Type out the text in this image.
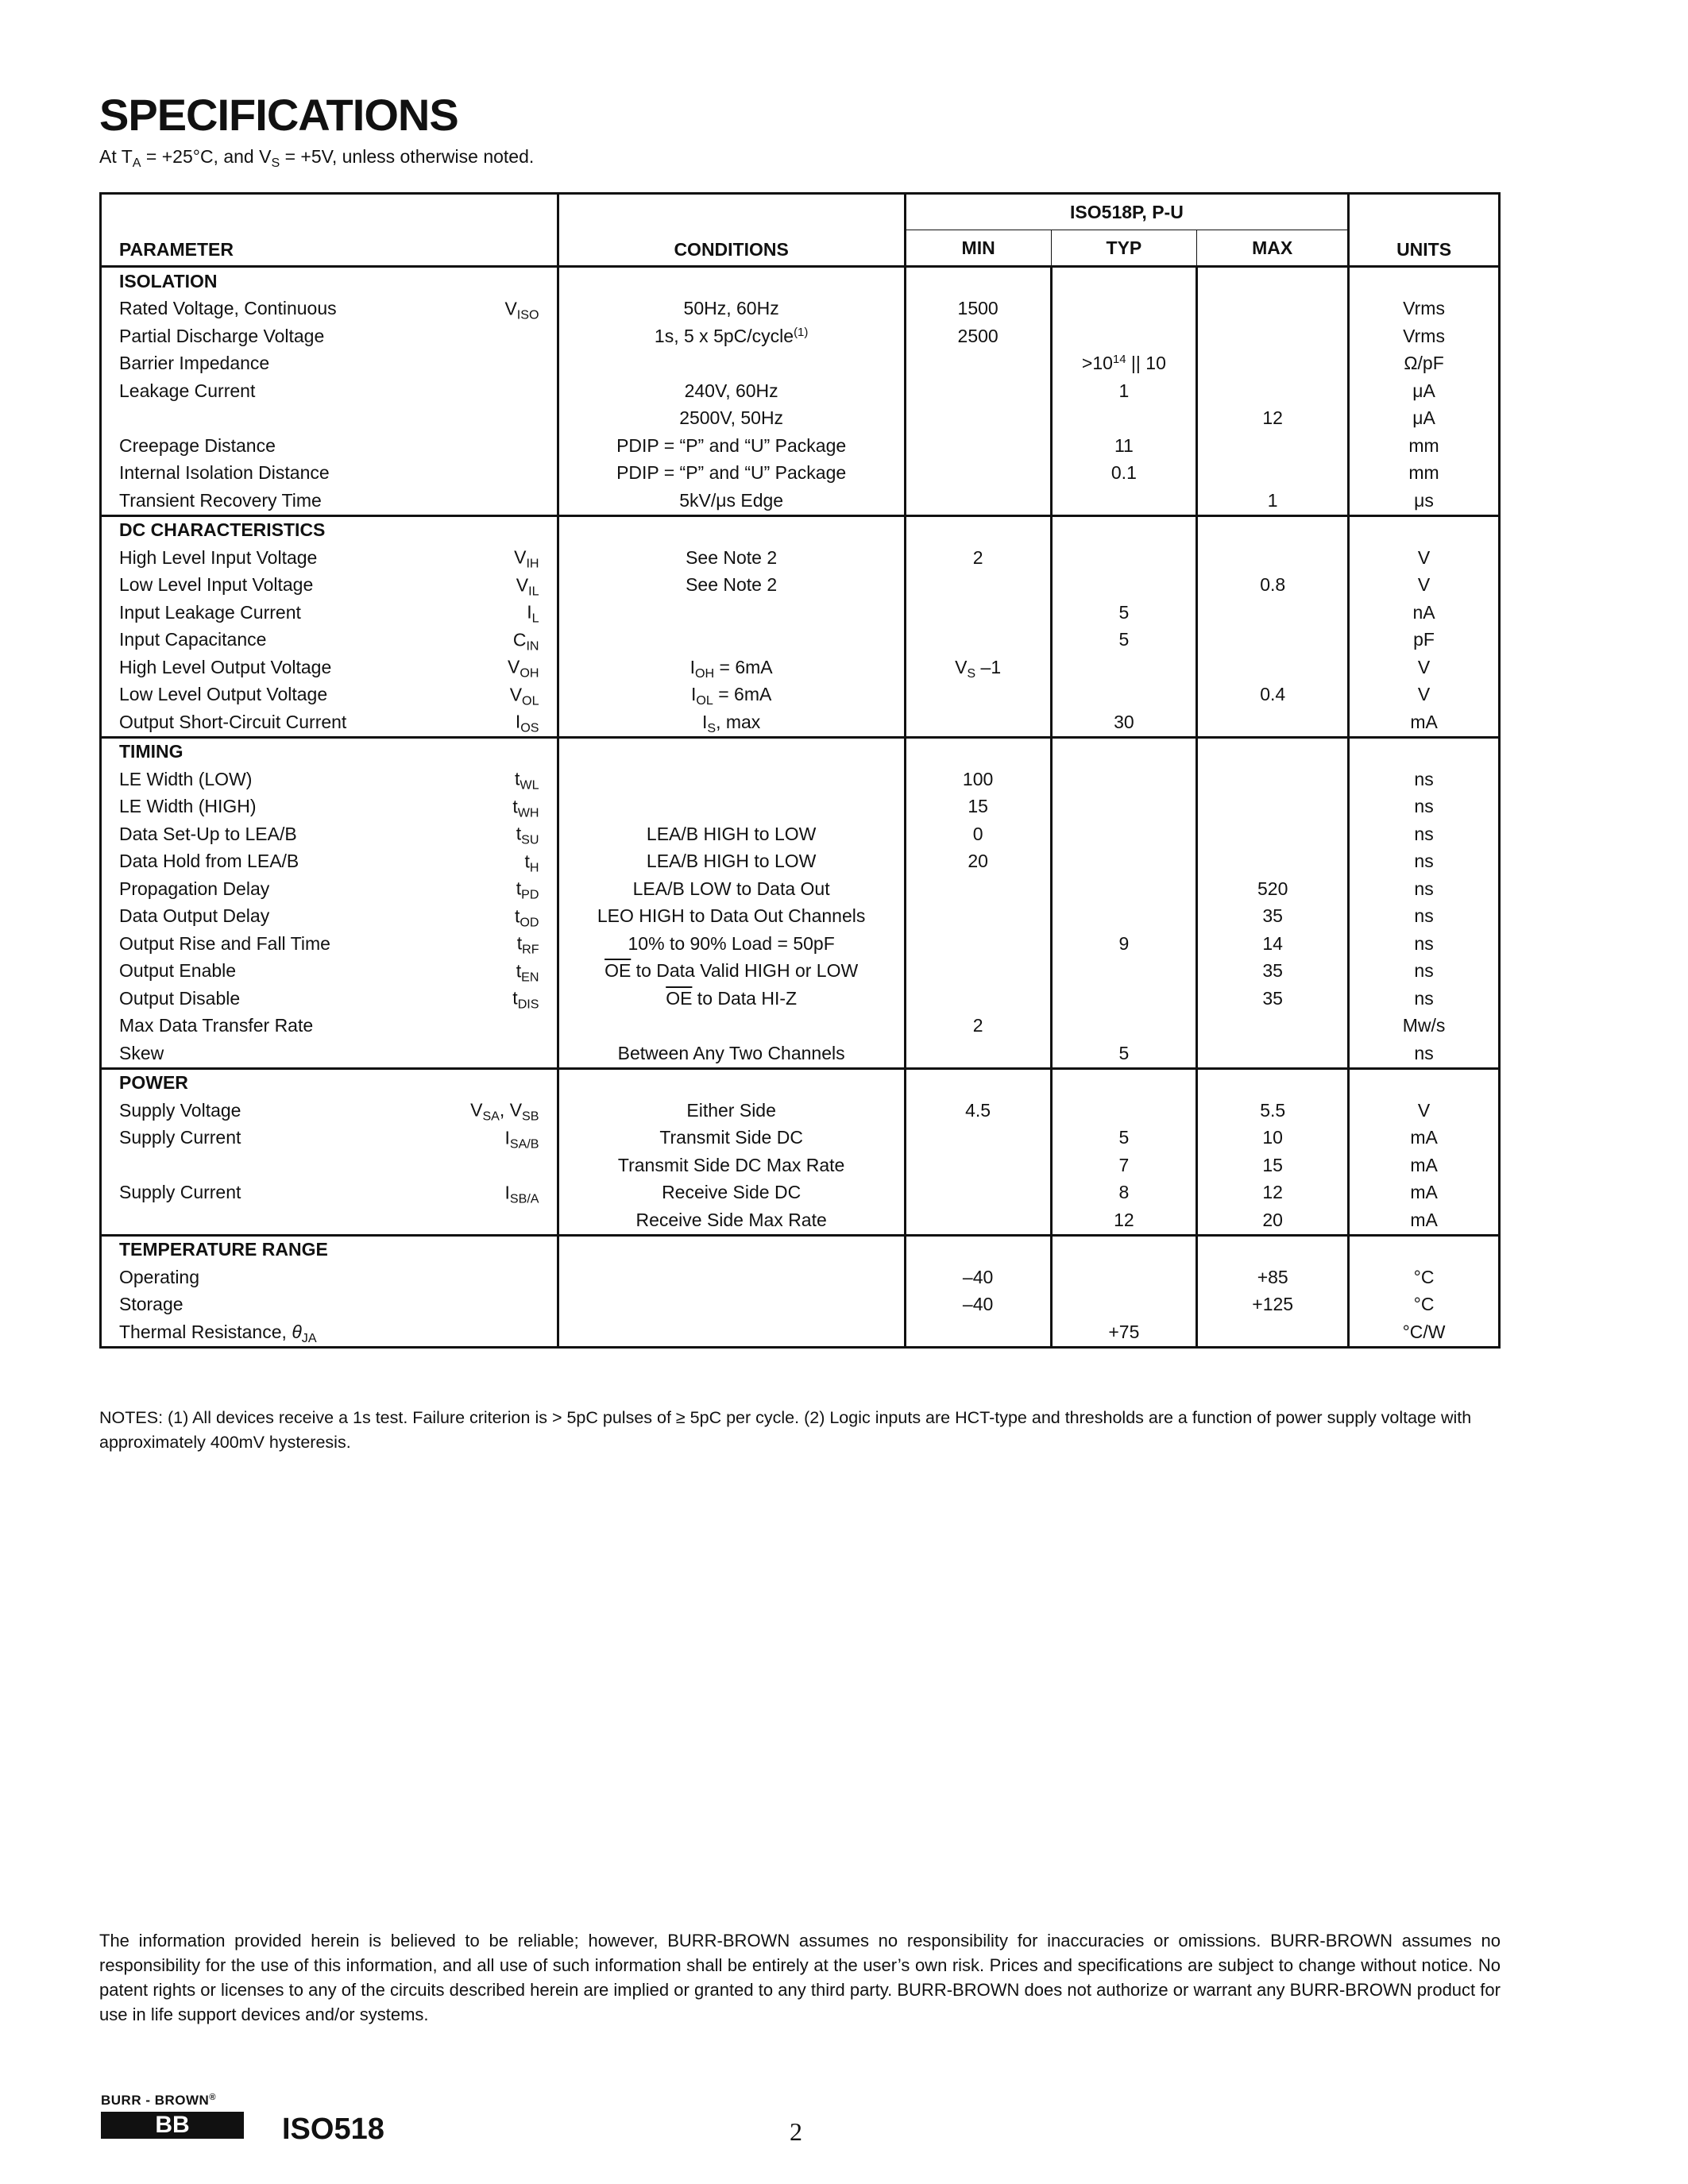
SPECIFICATIONS
At $T_A = +25^\circ C$, and $V_S = +5V$, unless otherwise noted.
PARAMETER	CONDITIONS	ISO518P, P-U			UNITS
		MIN	TYP	MAX	
ISOLATION					
Rated Voltage, Continuous $V_{ISO}$	50Hz, 60Hz	1500			Vrms
Partial Discharge Voltage	1s, 5 x 5pC/cycle$^{(1)}$	2500			Vrms
Barrier Impedance			$>10^{14}$ || 10		Ω/pF
Leakage Current	240V, 60Hz		1		μA
	2500V, 50Hz			12	μA
Creepage Distance	PDIP = “P” and “U” Package		11		mm
Internal Isolation Distance	PDIP = “P” and “U” Package		0.1		mm
Transient Recovery Time	5kV/μs Edge			1	μs
DC CHARACTERISTICS					
High Level Input Voltage $V_{IH}$	See Note 2	2			V
Low Level Input Voltage $V_{IL}$	See Note 2			0.8	V
Input Leakage Current $I_L$			5		nA
Input Capacitance $C_{IN}$			5		pF
High Level Output Voltage $V_{OH}$	$I_{OH} = 6mA$	$V_S$ –1			V
Low Level Output Voltage $V_{OL}$	$I_{OL} = 6mA$			0.4	V
Output Short-Circuit Current $I_{OS}$	$I_S$, max		30		mA
TIMING					
LE Width (LOW) $t_{WL}$		100			ns
LE Width (HIGH) $t_{WH}$		15			ns
Data Set-Up to LEA/B $t_{SU}$	LEA/B HIGH to LOW	0			ns
Data Hold from LEA/B $t_H$	LEA/B HIGH to LOW	20			ns
Propagation Delay $t_{PD}$	LEA/B LOW to Data Out			520	ns
Data Output Delay $t_{OD}$	LEO HIGH to Data Out Channels			35	ns
Output Rise and Fall Time $t_{RF}$	10% to 90% Load = 50pF		9	14	ns
Output Enable $t_{EN}$	$\overline{OE}$ to Data Valid HIGH or LOW			35	ns
Output Disable $t_{DIS}$	$\overline{OE}$ to Data HI-Z			35	ns
Max Data Transfer Rate		2			Mw/s
Skew	Between Any Two Channels		5		ns
POWER					
Supply Voltage $V_{SA}$, $V_{SB}$	Either Side	4.5		5.5	V
Supply Current $I_{SA/B}$	Transmit Side DC		5	10	mA
	Transmit Side DC Max Rate		7	15	mA
Supply Current $I_{SB/A}$	Receive Side DC		8	12	mA
	Receive Side Max Rate		12	20	mA
TEMPERATURE RANGE					
Operating		–40		+85	°C
Storage		–40		+125	°C
Thermal Resistance, $\theta_{JA}$			+75		°C/W
NOTES: (1) All devices receive a 1s test. Failure criterion is > 5pC pulses of ≥ 5pC per cycle. (2) Logic inputs are HCT-type and thresholds are a function of power supply voltage with approximately 400mV hysteresis.
The information provided herein is believed to be reliable; however, BURR-BROWN assumes no responsibility for inaccuracies or omissions. BURR-BROWN assumes no responsibility for the use of this information, and all use of such information shall be entirely at the user’s own risk. Prices and specifications are subject to change without notice. No patent rights or licenses to any of the circuits described herein are implied or granted to any third party. BURR-BROWN does not authorize or warrant any BURR-BROWN product for use in life support devices and/or systems.
BURR - BROWN®
BB	ISO518	2
